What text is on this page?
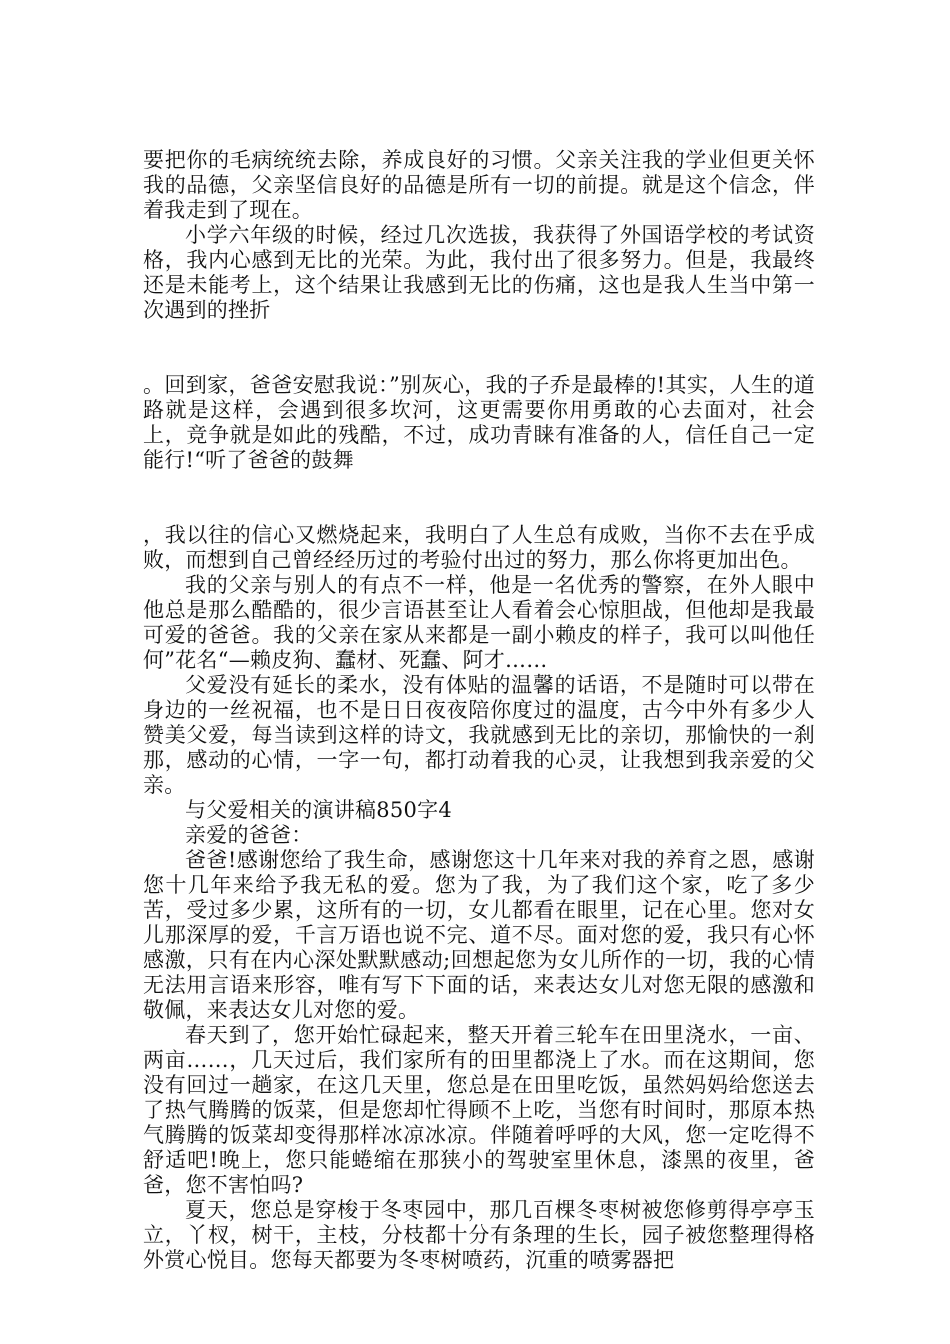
要把你的毛病统统去除，养成良好的习惯。父亲关注我的学业但更关怀我的品德，父亲坚信良好的品德是所有一切的前提。就是这个信念，伴着我走到了现在。

小学六年级的时候，经过几次选拔，我获得了外国语学校的考试资格，我内心感到无比的光荣。为此，我付出了很多努力。但是，我最终还是未能考上，这个结果让我感到无比的伤痛，这也是我人生当中第一次遇到的挫折

。回到家，爸爸安慰我说：”别灰心，我的子乔是最棒的!其实，人生的道路就是这样，会遇到很多坎河，这更需要你用勇敢的心去面对，社会上，竞争就是如此的残酷，不过，成功青睐有准备的人，信任自己一定能行!“听了爸爸的鼓舞

，我以往的信心又燃烧起来，我明白了人生总有成败，当你不去在乎成败，而想到自己曾经经历过的考验付出过的努力，那么你将更加出色。

我的父亲与别人的有点不一样，他是一名优秀的警察，在外人眼中他总是那么酷酷的，很少言语甚至让人看着会心惊胆战，但他却是我最可爱的爸爸。我的父亲在家从来都是一副小赖皮的样子，我可以叫他任何”花名“—赖皮狗、蠢材、死蠢、阿才……

父爱没有延长的柔水，没有体贴的温馨的话语，不是随时可以带在身边的一丝祝福，也不是日日夜夜陪你度过的温度，古今中外有多少人赞美父爱，每当读到这样的诗文，我就感到无比的亲切，那愉快的一刹那，感动的心情，一字一句，都打动着我的心灵，让我想到我亲爱的父亲。

与父爱相关的演讲稿850字4

亲爱的爸爸：

爸爸!感谢您给了我生命，感谢您这十几年来对我的养育之恩，感谢您十几年来给予我无私的爱。您为了我，为了我们这个家，吃了多少苦，受过多少累，这所有的一切，女儿都看在眼里，记在心里。您对女儿那深厚的爱，千言万语也说不完、道不尽。面对您的爱，我只有心怀感激，只有在内心深处默默感动;回想起您为女儿所作的一切，我的心情无法用言语来形容，唯有写下下面的话，来表达女儿对您无限的感激和敬佩，来表达女儿对您的爱。

春天到了，您开始忙碌起来，整天开着三轮车在田里浇水，一亩、两亩……，几天过后，我们家所有的田里都浇上了水。而在这期间，您没有回过一趟家，在这几天里，您总是在田里吃饭，虽然妈妈给您送去了热气腾腾的饭菜，但是您却忙得顾不上吃，当您有时间时，那原本热气腾腾的饭菜却变得那样冰凉冰凉。伴随着呼呼的大风，您一定吃得不舒适吧!晚上，您只能蜷缩在那狭小的驾驶室里休息，漆黑的夜里，爸爸，您不害怕吗?

夏天，您总是穿梭于冬枣园中，那几百棵冬枣树被您修剪得亭亭玉立，丫杈，树干，主枝，分枝都十分有条理的生长，园子被您整理得格外赏心悦目。您每天都要为冬枣树喷药，沉重的喷雾器把
